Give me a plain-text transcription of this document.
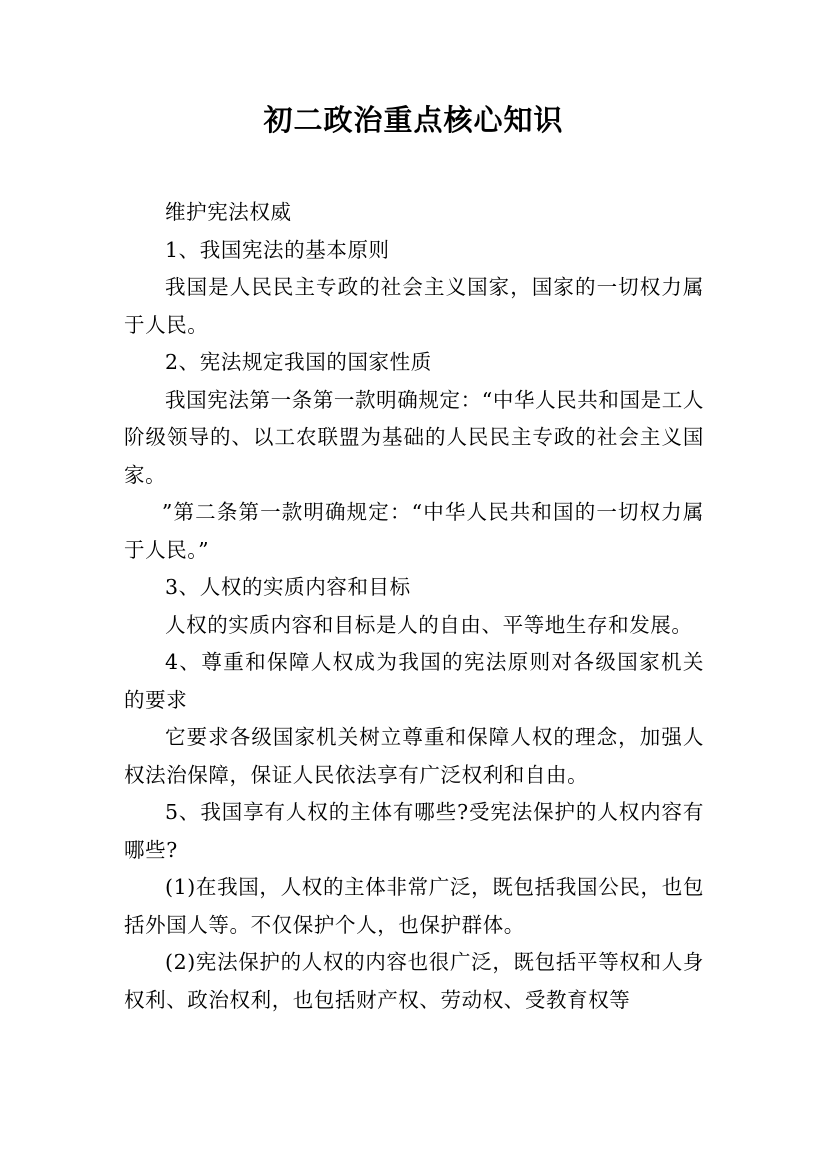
初二政治重点核心知识

维护宪法权威

1、我国宪法的基本原则

我国是人民民主专政的社会主义国家，国家的一切权力属于人民。

2、宪法规定我国的国家性质

我国宪法第一条第一款明确规定：“中华人民共和国是工人阶级领导的、以工农联盟为基础的人民民主专政的社会主义国家。

”第二条第一款明确规定：“中华人民共和国的一切权力属于人民。”

3、人权的实质内容和目标

人权的实质内容和目标是人的自由、平等地生存和发展。

4、尊重和保障人权成为我国的宪法原则对各级国家机关的要求

它要求各级国家机关树立尊重和保障人权的理念，加强人权法治保障，保证人民依法享有广泛权利和自由。

5、我国享有人权的主体有哪些?受宪法保护的人权内容有哪些?

(1)在我国，人权的主体非常广泛，既包括我国公民，也包括外国人等。不仅保护个人，也保护群体。

(2)宪法保护的人权的内容也很广泛，既包括平等权和人身权利、政治权利，也包括财产权、劳动权、受教育权等
